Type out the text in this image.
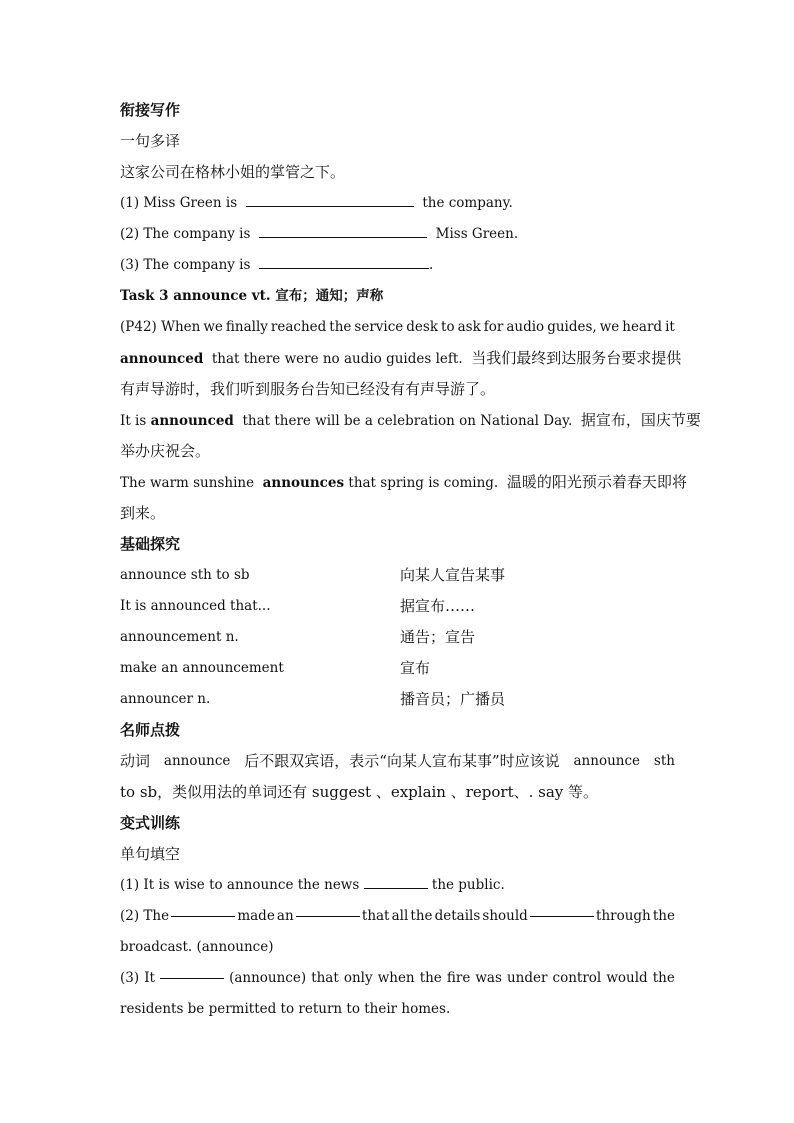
衔接写作
一句多译
这家公司在格林小姐的掌管之下。
(1) Miss Green is	the company.
(2) The company is	Miss Green.
(3) The company is	.
Task 3 announce vt. 宣布；通知；声称
(P42) When we finally reached the service desk to ask for audio guides, we heard it
announced that there were no audio guides left. 当我们最终到达服务台要求提供
有声导游时，我们听到服务台告知已经没有有声导游了。
It is announced that there will be a celebration on National Day. 据宣布，国庆节要
举办庆祝会。
The warm sunshine announces that spring is coming. 温暖的阳光预示着春天即将
到来。
基础探究
announce sth to sb	向某人宣告某事
It is announced that...	据宣布……
announcement n.	通告；宣告
make an announcement	宣布
announcer n.	播音员；广播员
名师点拨
动词 announce 后不跟双宾语，表示“向某人宣布某事”时应该说 announce sth
to sb，类似用法的单词还有 suggest 、explain 、report、. say 等。
变式训练
单句填空
(1) It is wise to announce the news	the public.
(2) The	made an	that all the details should	through the
broadcast. (announce)
(3) It	(announce) that only when the fire was under control would the
residents be permitted to return to their homes.
